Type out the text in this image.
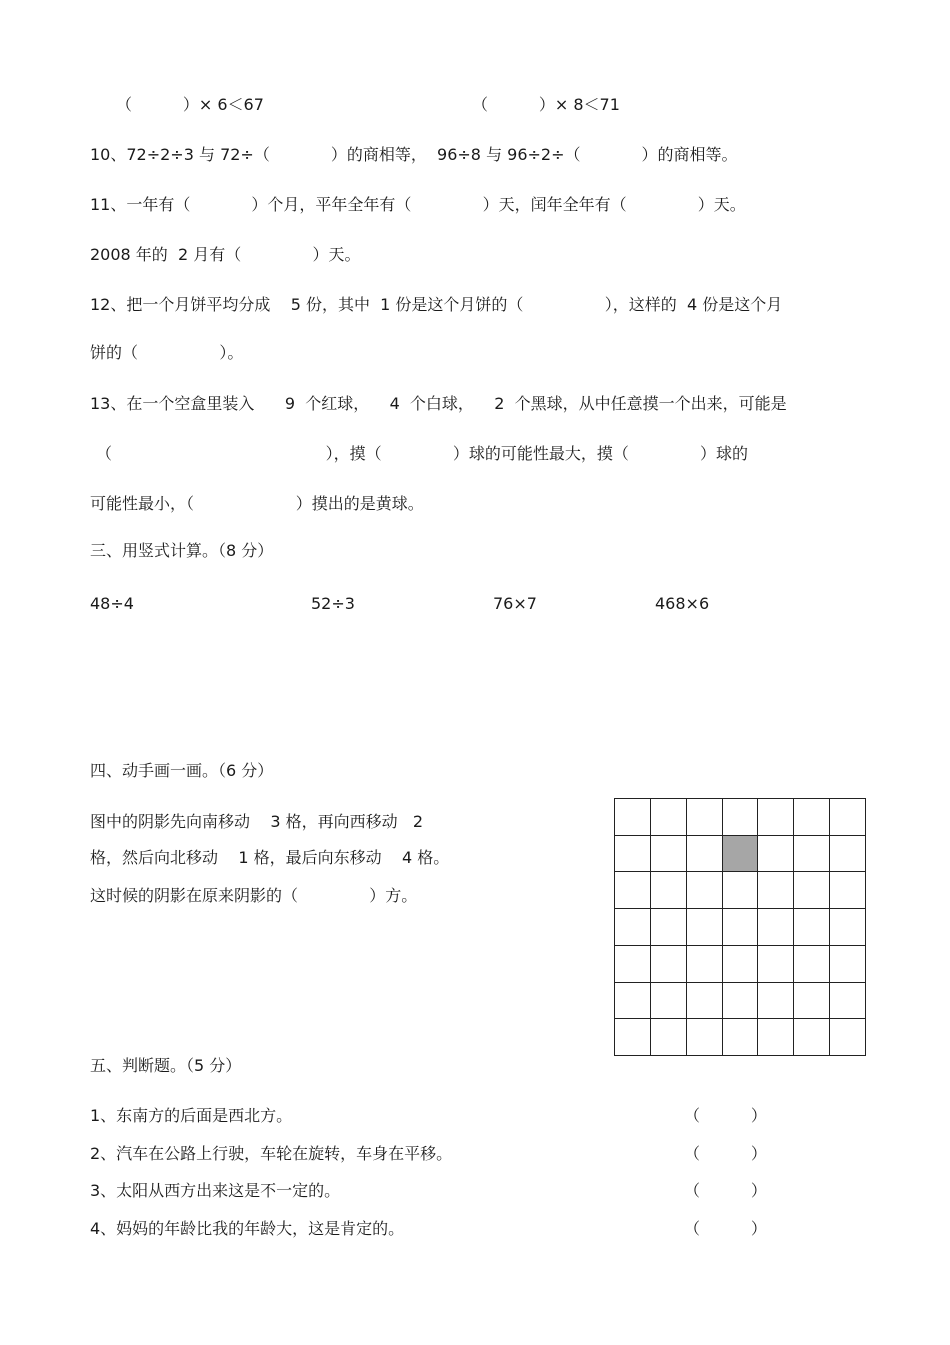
（          ）× 6＜67	（          ）× 8＜71
10、72÷2÷3 与 72÷（            ）的商相等，  96÷8 与 96÷2÷（            ）的商相等。
11、一年有（            ）个月，平年全年有（              ）天，闰年全年有（              ）天。
2008 年的  2 月有（              ）天。
12、把一个月饼平均分成    5 份，其中  1 份是这个月饼的（                ），这样的  4 份是这个月
饼的（                ）。
13、在一个空盒里装入      9  个红球，    4  个白球，    2  个黑球，从中任意摸一个出来，可能是
（                                          ），摸（              ）球的可能性最大，摸（              ）球的
可能性最小，（                    ）摸出的是黄球。
三、用竖式计算。（8 分）
48÷4	52÷3	76×7	468×6
四、动手画一画。（6 分）
图中的阴影先向南移动    3 格，再向西移动   2
格，然后向北移动    1 格，最后向东移动    4 格。
这时候的阴影在原来阴影的（              ）方。
五、判断题。（5 分）
1、东南方的后面是西北方。	（          ）
2、汽车在公路上行驶，车轮在旋转，车身在平移。	（          ）
3、太阳从西方出来这是不一定的。	（          ）
4、妈妈的年龄比我的年龄大，这是肯定的。	（          ）
